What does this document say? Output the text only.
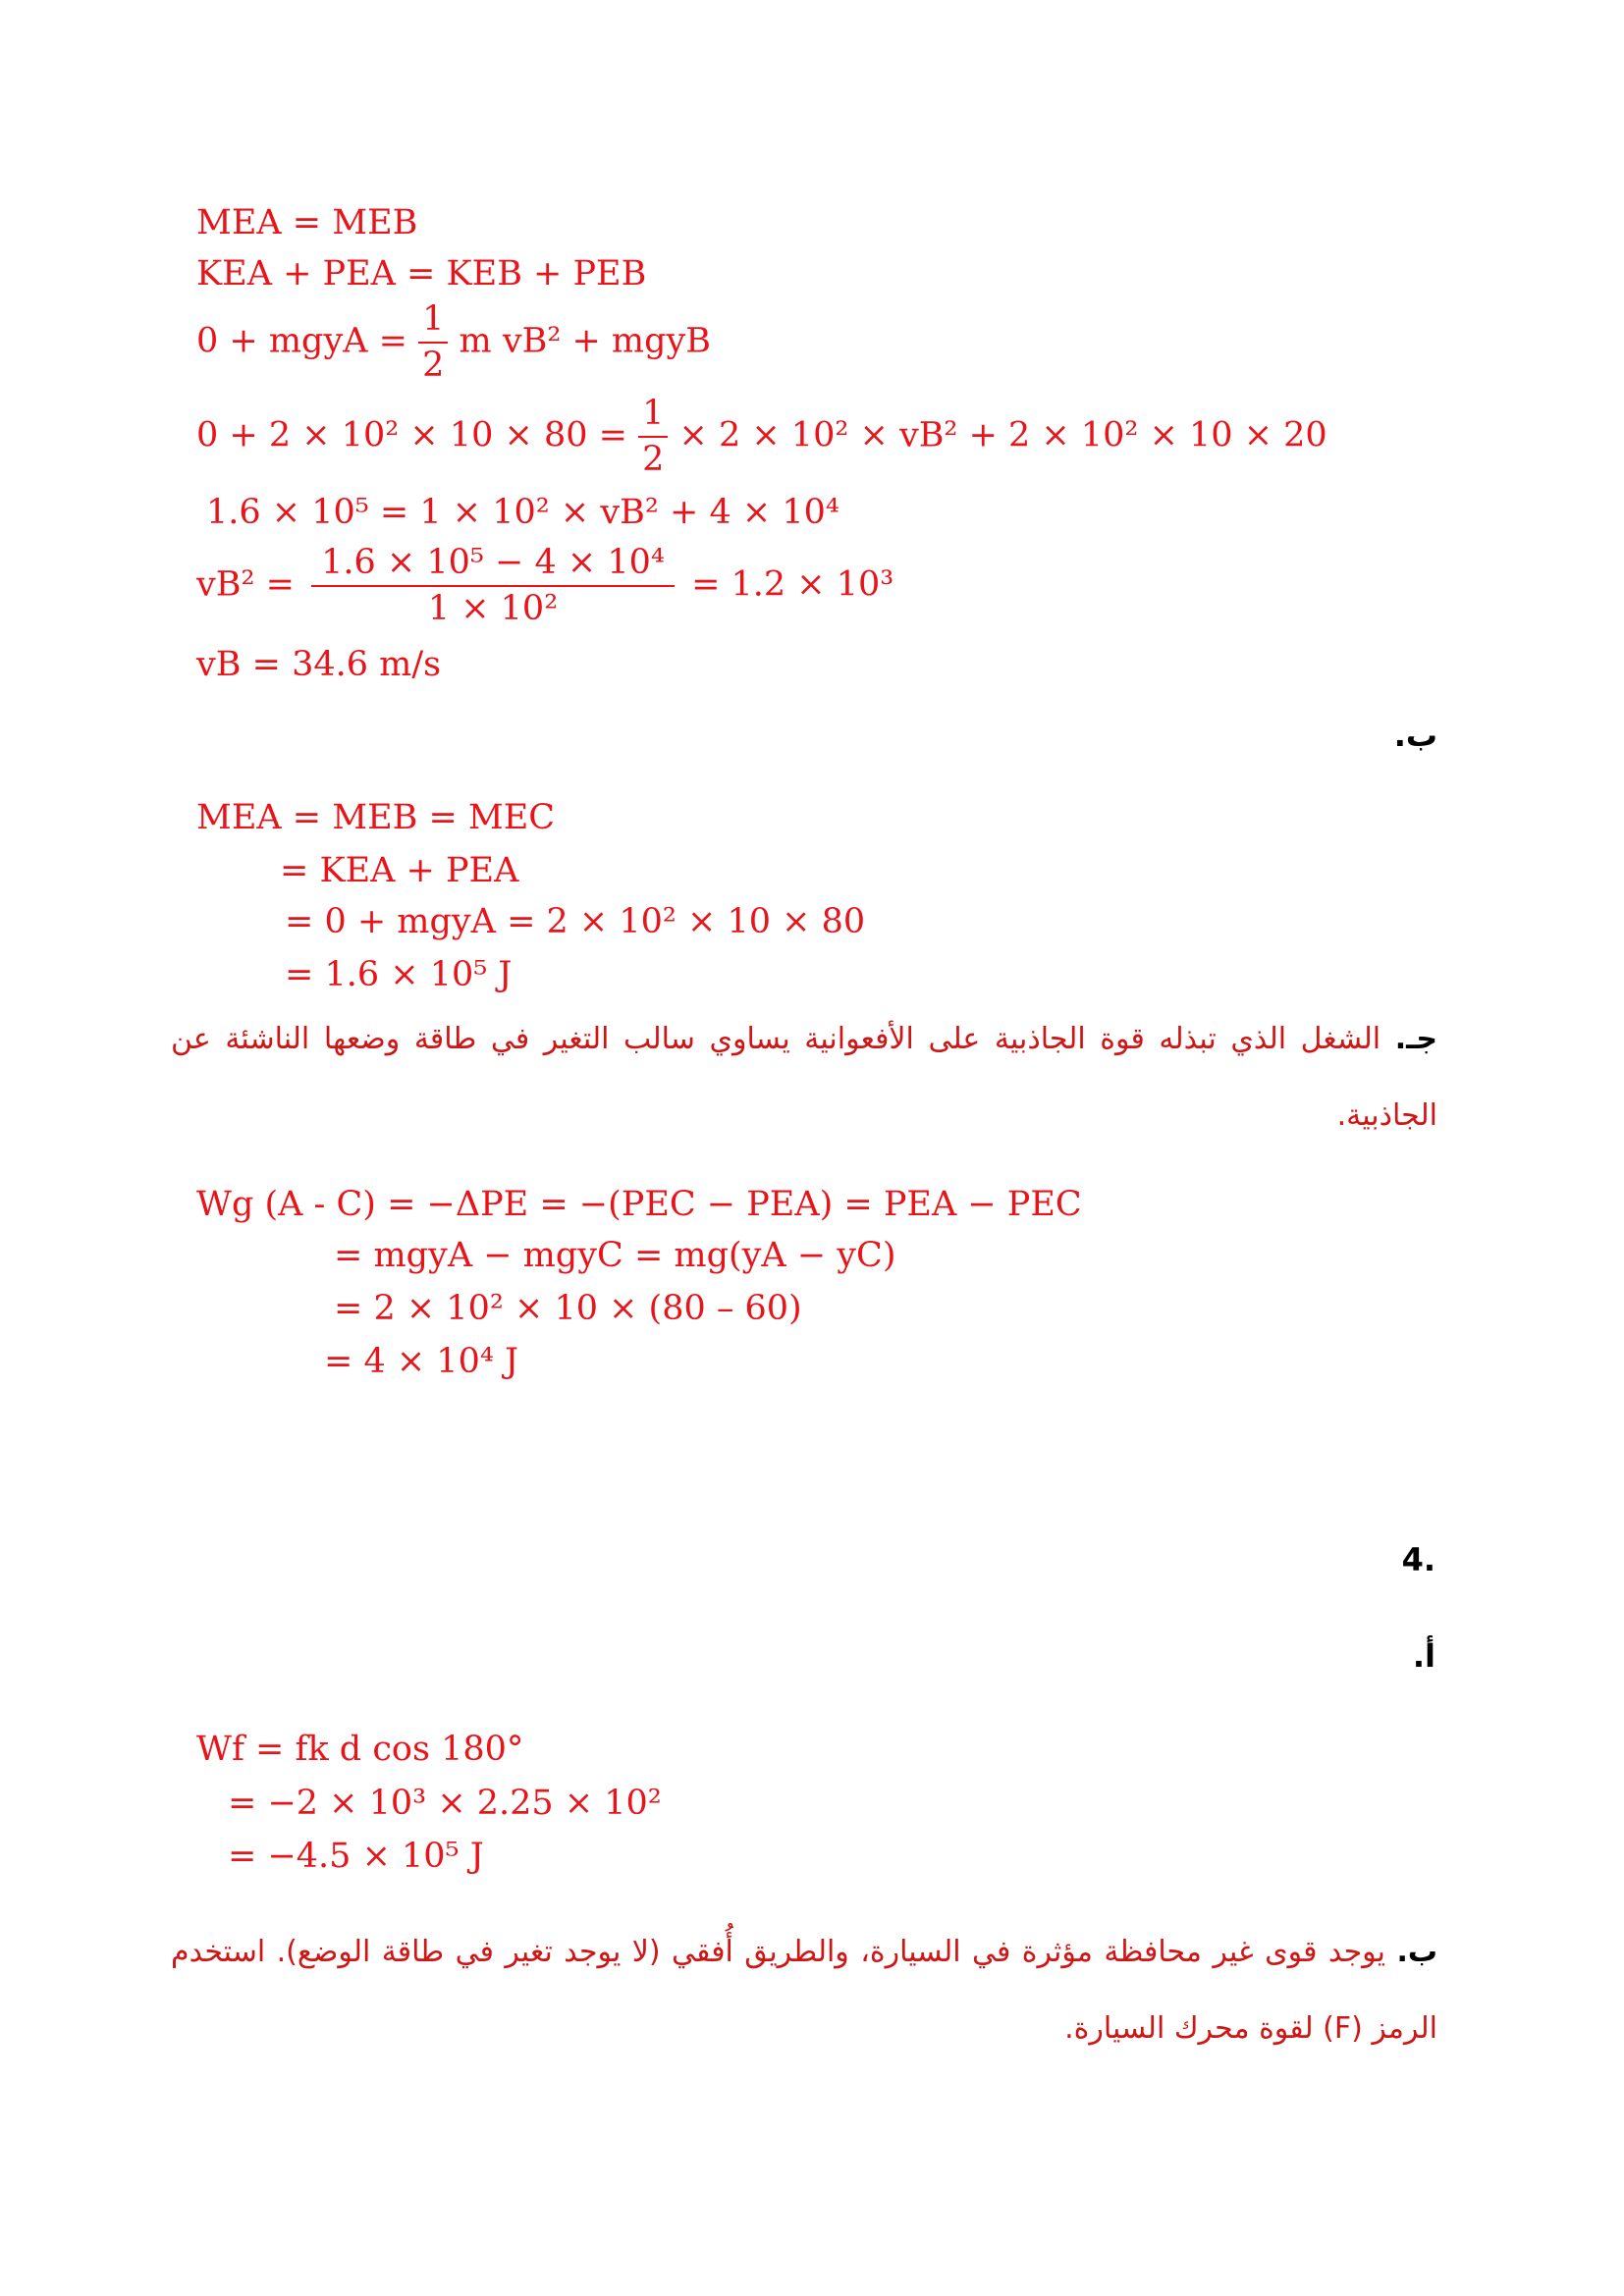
MEA = MEB
KEA + PEA = KEB + PEB
0 + mgyA = $\frac{1}{2}$ m vB² + mgyB
$0 + 2 \times 10^2 \times 10 \times 80 = \frac{1}{2} \times 2 \times 10^2 \times vB^2 + 2 \times 10^2 \times 10 \times 20$
1.6 × 10⁵ = 1 × 10² × vB² + 4 × 10⁴
$vB^2 = \frac{\text{1.6 × 10⁵ − 4 × 10⁴}}{\text{1 × 10²}} = 1.2 \times 10^3$
vB = 34.6 m/s
ب.
MEA = MEB = MEC
= KEA + PEA
= 0 + mgyA = 2 × 10² × 10 × 80
= 1.6 × 10⁵ J
جـ. الشغل الذي تبذله قوة الجاذبية على الأفعوانية يساوي سالب التغير في طاقة وضعها الناشئة عن الجاذبية.
Wg (A - C) = −ΔPE = −(PEC − PEA) = PEA − PEC
= mgyA − mgyC = mg(yA − yC)
= 2 × 10² × 10 × (80 – 60)
= 4 × 10⁴ J
.4
أ.
Wf = fk d cos 180°
= −2 × 10³ × 2.25 × 10²
= −4.5 × 10⁵ J
ب. يوجد قوى غير محافظة مؤثرة في السيارة، والطريق أُفقي (لا يوجد تغير في طاقة الوضع). استخدم الرمز (F) لقوة محرك السيارة.
